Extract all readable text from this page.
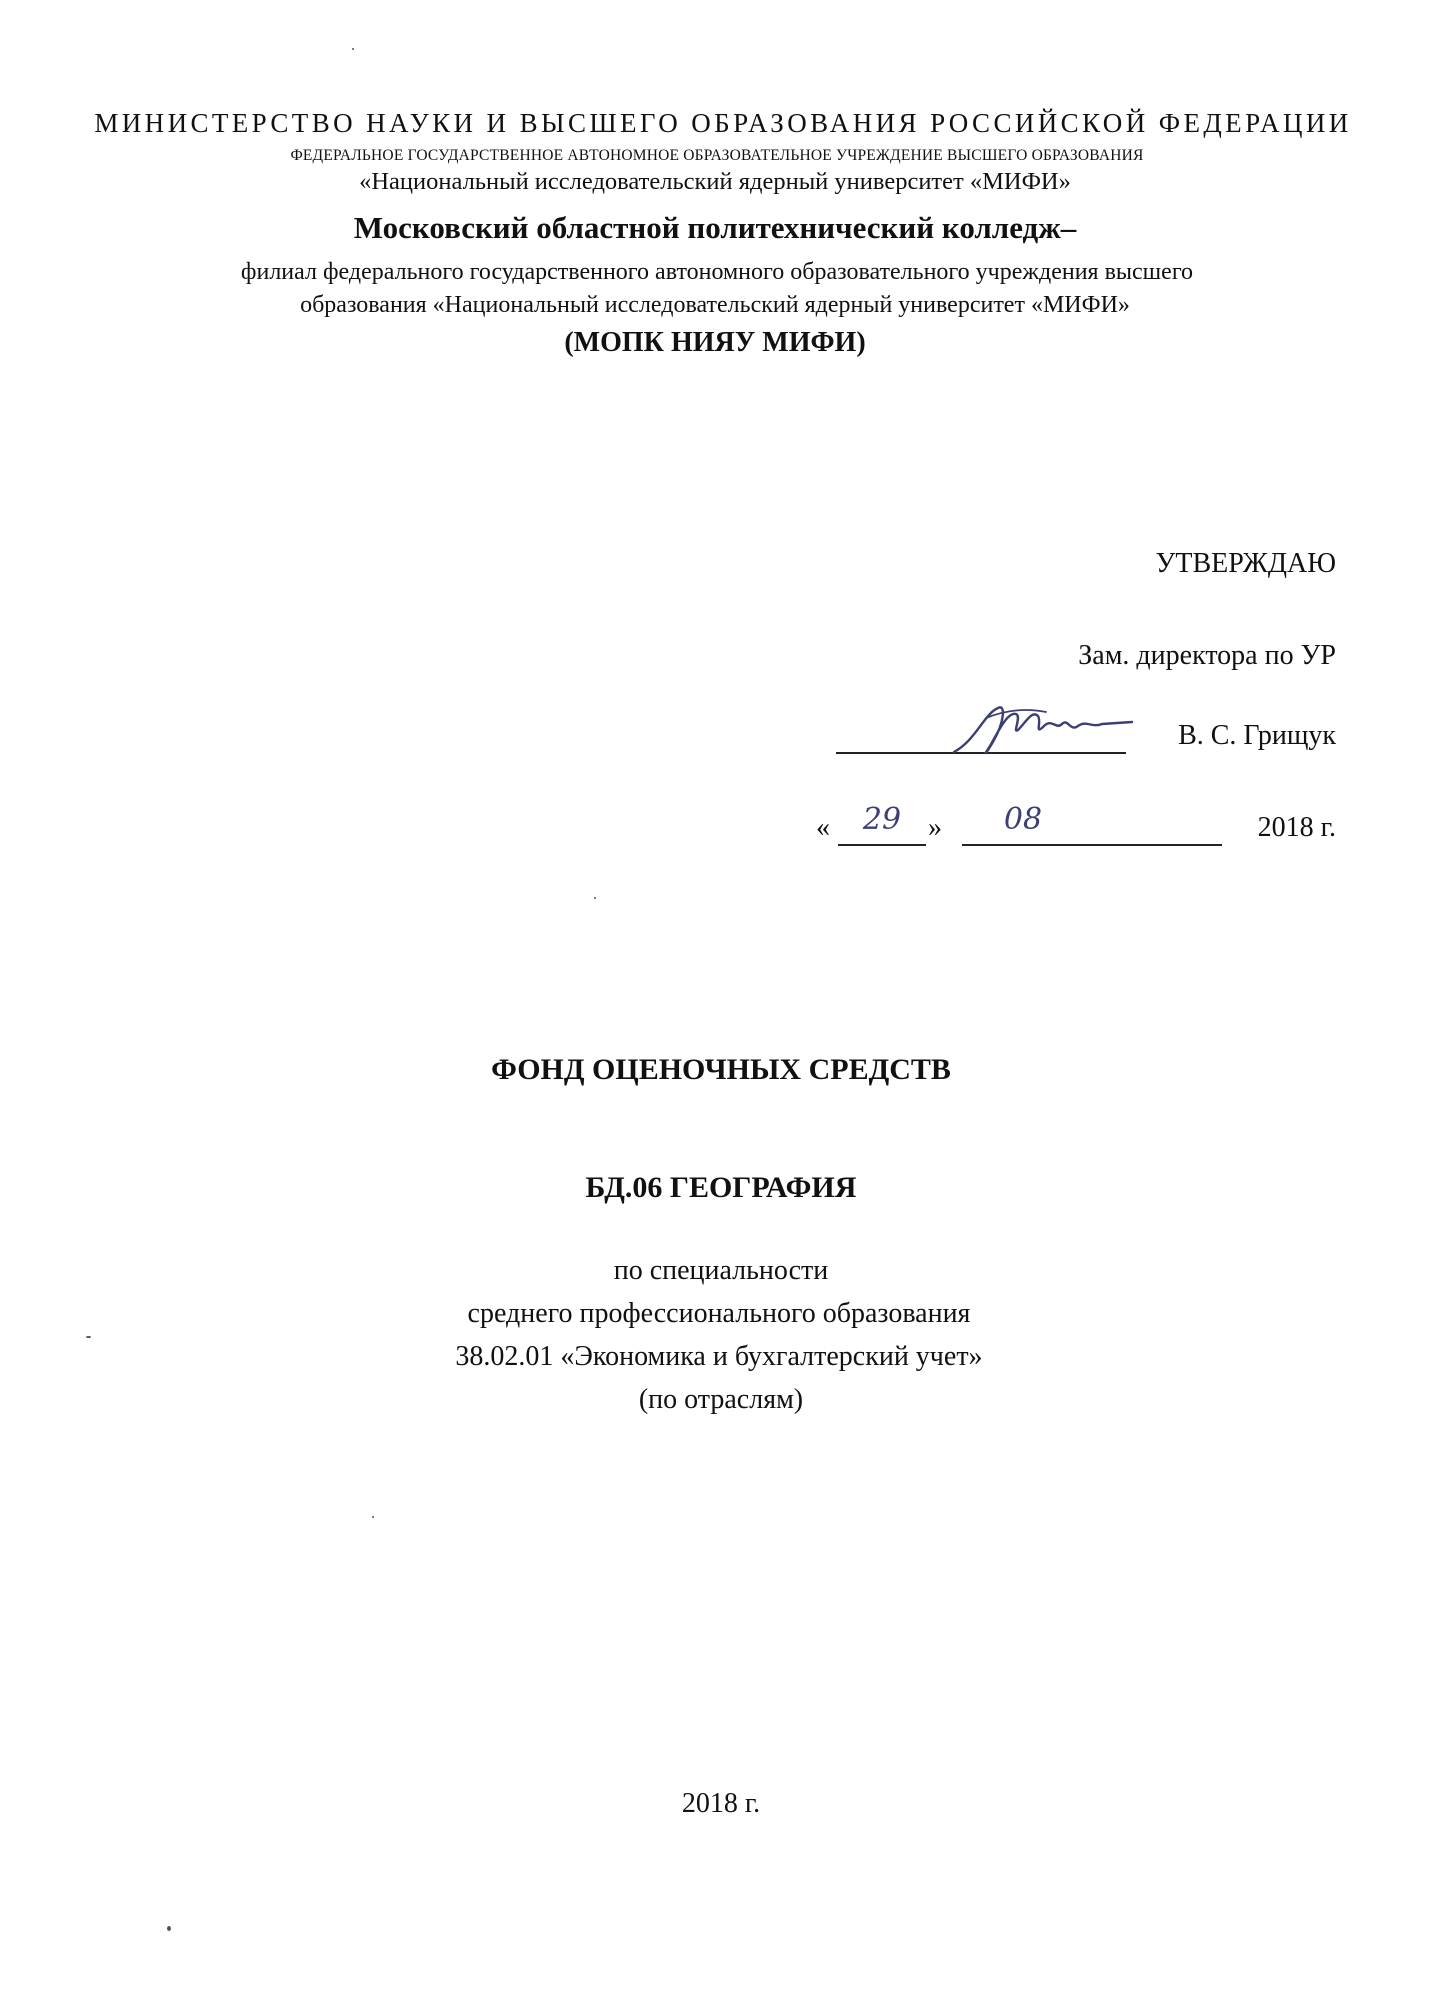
МИНИСТЕРСТВО НАУКИ И ВЫСШЕГО ОБРАЗОВАНИЯ РОССИЙСКОЙ ФЕДЕРАЦИИ
ФЕДЕРАЛЬНОЕ ГОСУДАРСТВЕННОЕ АВТОНОМНОЕ ОБРАЗОВАТЕЛЬНОЕ УЧРЕЖДЕНИЕ ВЫСШЕГО ОБРАЗОВАНИЯ
«Национальный исследовательский ядерный университет «МИФИ»
Московский областной политехнический колледж–
филиал федерального государственного автономного образовательного учреждения высшего
образования «Национальный исследовательский ядерный университет «МИФИ»
(МОПК НИЯУ МИФИ)
УТВЕРЖДАЮ
Зам. директора по УР
В. С. Грищук
«	29 »	08	2018 г.
ФОНД ОЦЕНОЧНЫХ СРЕДСТВ
БД.06 ГЕОГРАФИЯ
по специальности
среднего профессионального образования
38.02.01 «Экономика и бухгалтерский учет»
(по отраслям)
2018 г.
